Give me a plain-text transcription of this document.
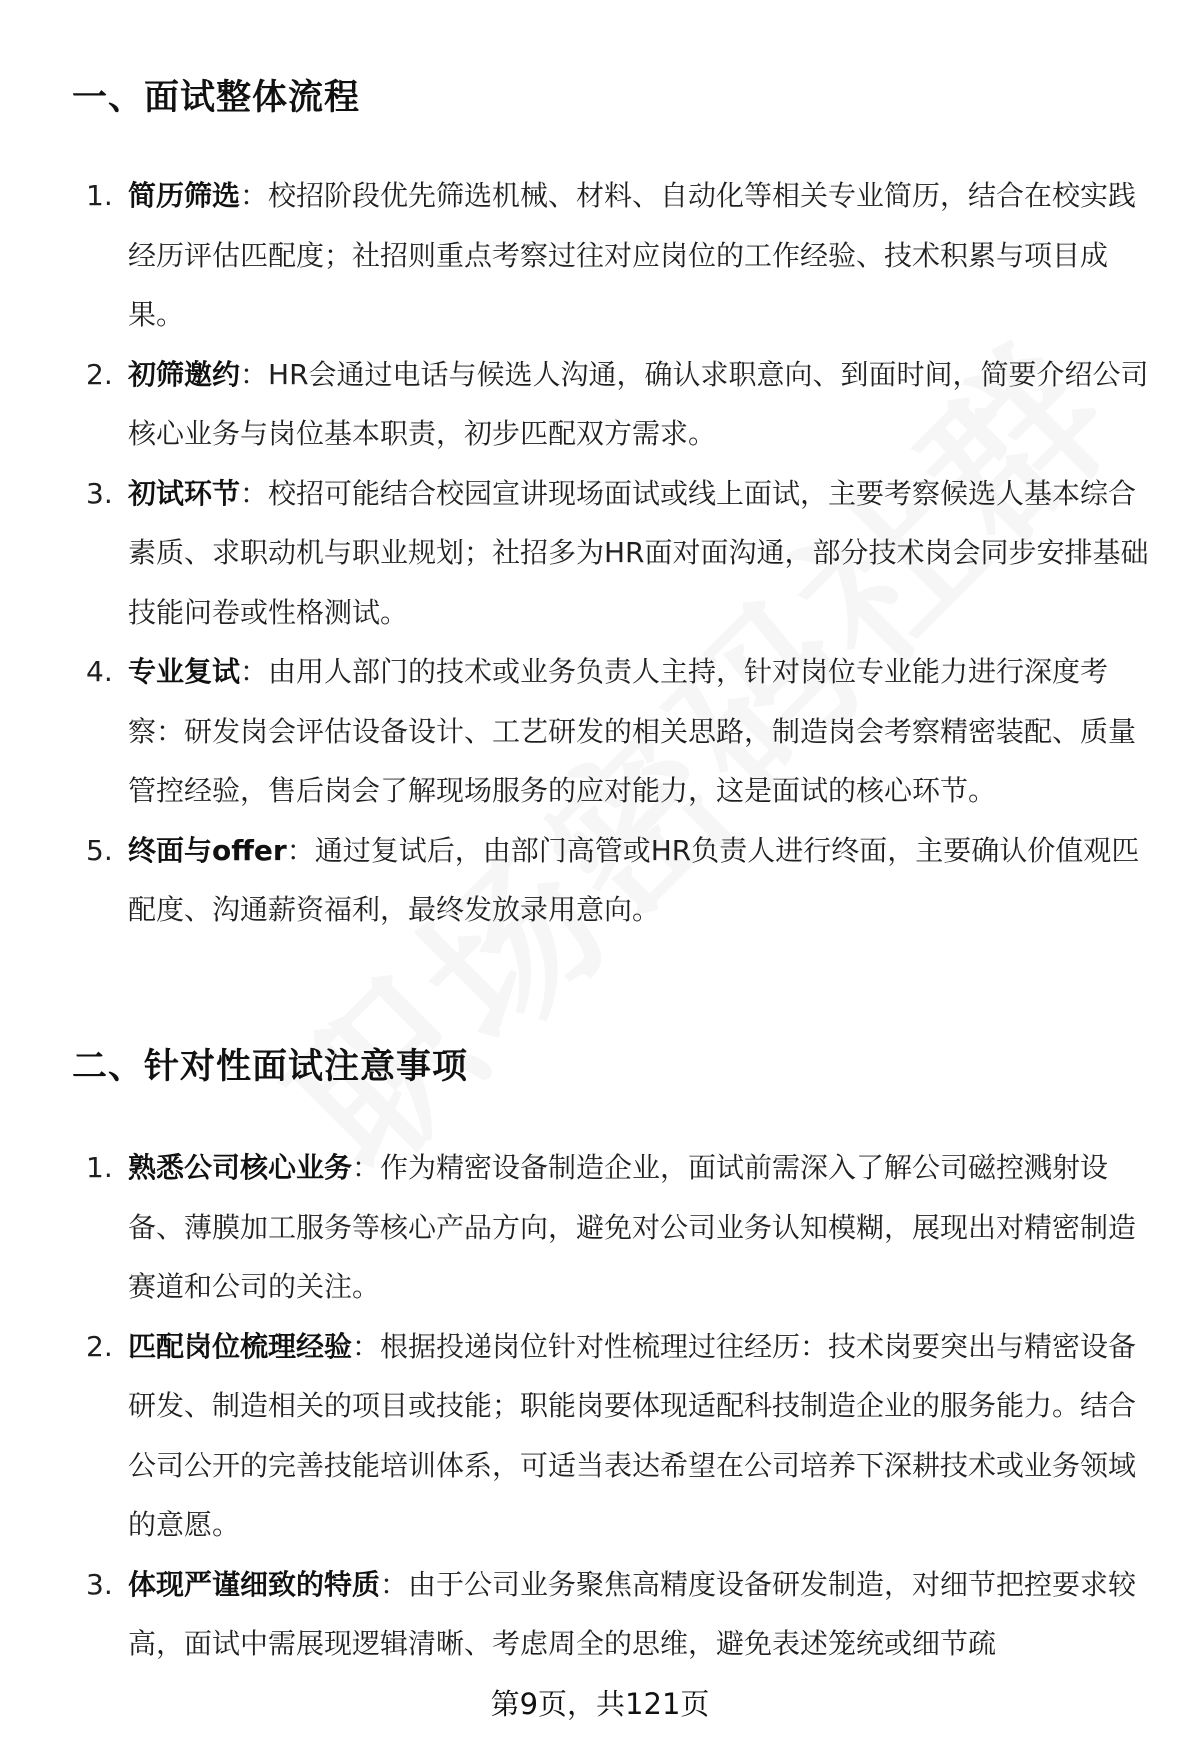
一、面试整体流程
1. 简历筛选：校招阶段优先筛选机械、材料、自动化等相关专业简历，结合在校实践经历评估匹配度；社招则重点考察过往对应岗位的工作经验、技术积累与项目成果。
2. 初筛邀约：HR会通过电话与候选人沟通，确认求职意向、到面时间，简要介绍公司核心业务与岗位基本职责，初步匹配双方需求。
3. 初试环节：校招可能结合校园宣讲现场面试或线上面试，主要考察候选人基本综合素质、求职动机与职业规划；社招多为HR面对面沟通，部分技术岗会同步安排基础技能问卷或性格测试。
4. 专业复试：由用人部门的技术或业务负责人主持，针对岗位专业能力进行深度考察：研发岗会评估设备设计、工艺研发的相关思路，制造岗会考察精密装配、质量管控经验，售后岗会了解现场服务的应对能力，这是面试的核心环节。
5. 终面与offer：通过复试后，由部门高管或HR负责人进行终面，主要确认价值观匹配度、沟通薪资福利，最终发放录用意向。
二、针对性面试注意事项
1. 熟悉公司核心业务：作为精密设备制造企业，面试前需深入了解公司磁控溅射设备、薄膜加工服务等核心产品方向，避免对公司业务认知模糊，展现出对精密制造赛道和公司的关注。
2. 匹配岗位梳理经验：根据投递岗位针对性梳理过往经历：技术岗要突出与精密设备研发、制造相关的项目或技能；职能岗要体现适配科技制造企业的服务能力。结合公司公开的完善技能培训体系，可适当表达希望在公司培养下深耕技术或业务领域的意愿。
3. 体现严谨细致的特质：由于公司业务聚焦高精度设备研发制造，对细节把控要求较高，面试中需展现逻辑清晰、考虑周全的思维，避免表述笼统或细节疏
第9页，共121页
